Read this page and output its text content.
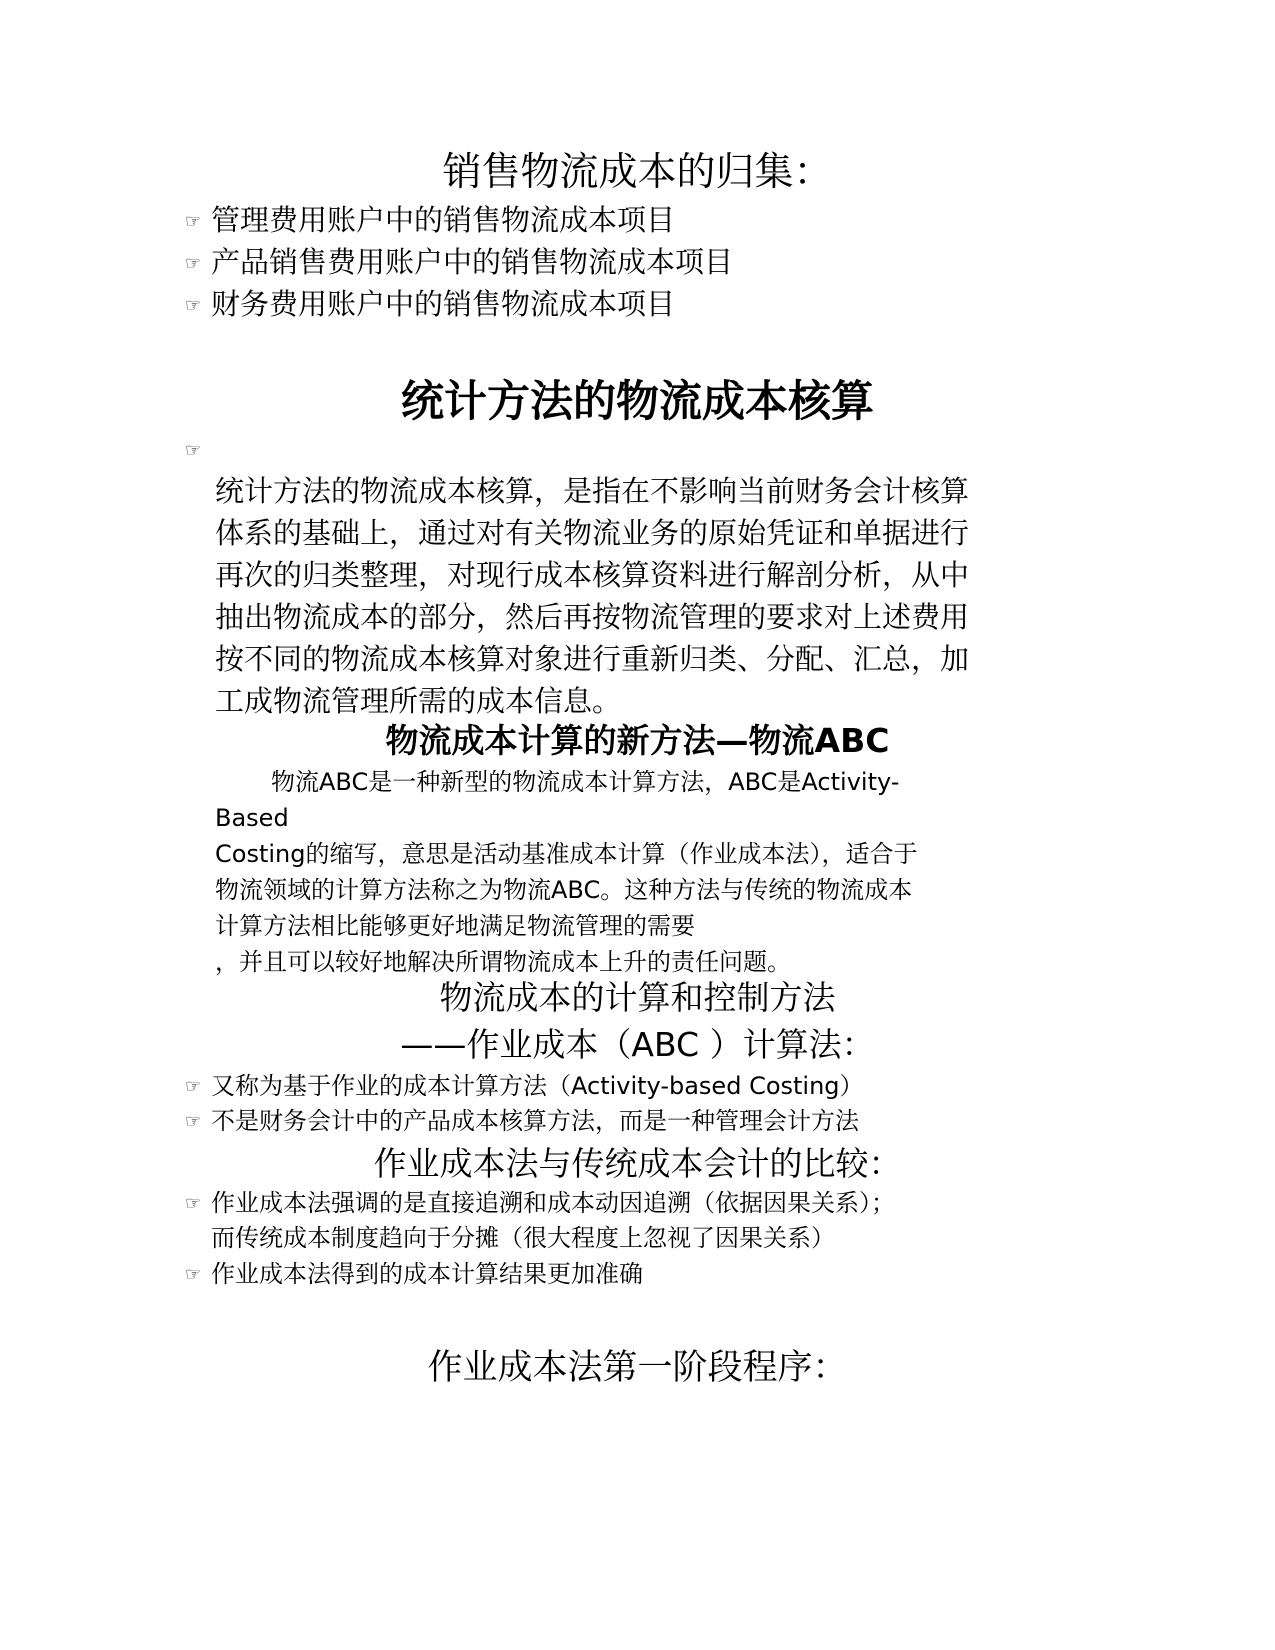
销售物流成本的归集：
☞ 管理费用账户中的销售物流成本项目
☞ 产品销售费用账户中的销售物流成本项目
☞ 财务费用账户中的销售物流成本项目
统计方法的物流成本核算
☞
统计方法的物流成本核算，是指在不影响当前财务会计核算
体系的基础上，通过对有关物流业务的原始凭证和单据进行
再次的归类整理，对现行成本核算资料进行解剖分析，从中
抽出物流成本的部分，然后再按物流管理的要求对上述费用
按不同的物流成本核算对象进行重新归类、分配、汇总，加
工成物流管理所需的成本信息。
物流成本计算的新方法—物流ABC
物流ABC是一种新型的物流成本计算方法，ABC是Activity-
Based
Costing的缩写，意思是活动基准成本计算（作业成本法），适合于
物流领域的计算方法称之为物流ABC。这种方法与传统的物流成本
计算方法相比能够更好地满足物流管理的需要
，并且可以较好地解决所谓物流成本上升的责任问题。
物流成本的计算和控制方法
——作业成本（ABC ）计算法：
☞ 又称为基于作业的成本计算方法（Activity-based Costing）
☞ 不是财务会计中的产品成本核算方法，而是一种管理会计方法
作业成本法与传统成本会计的比较：
☞ 作业成本法强调的是直接追溯和成本动因追溯（依据因果关系）；
而传统成本制度趋向于分摊（很大程度上忽视了因果关系）
☞ 作业成本法得到的成本计算结果更加准确
作业成本法第一阶段程序：
